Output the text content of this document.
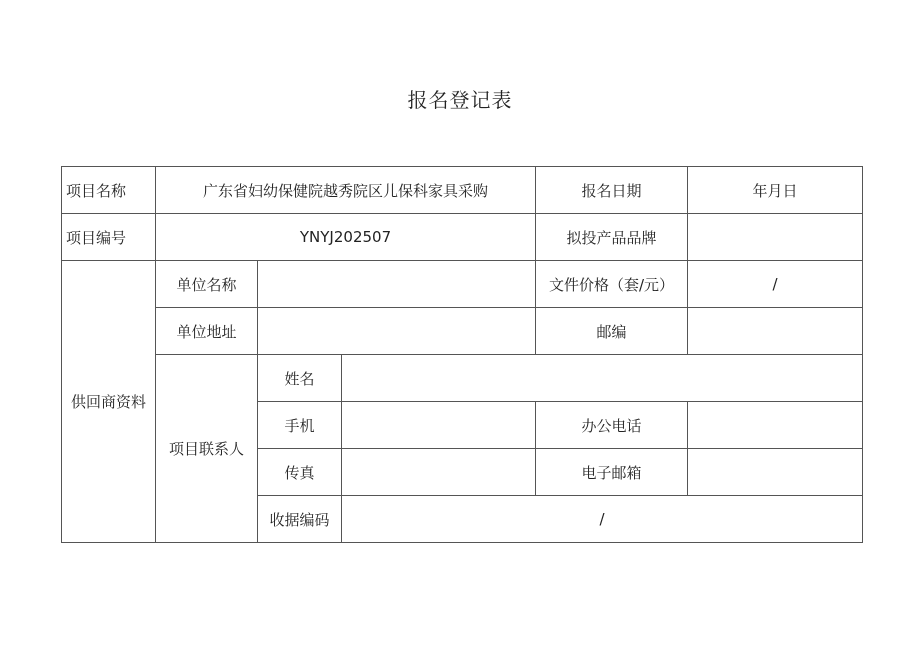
报名登记表
项目名称	广东省妇幼保健院越秀院区儿保科家具采购			报名日期	年月日
项目编号	YNYJ202507			拟投产品品牌	
供回商资料	单位名称			文件价格（套/元）	/
	单位地址			邮编	
	项目联系人	姓名			
		手机		办公电话	
		传真		电子邮箱	
		收据编码	/		
